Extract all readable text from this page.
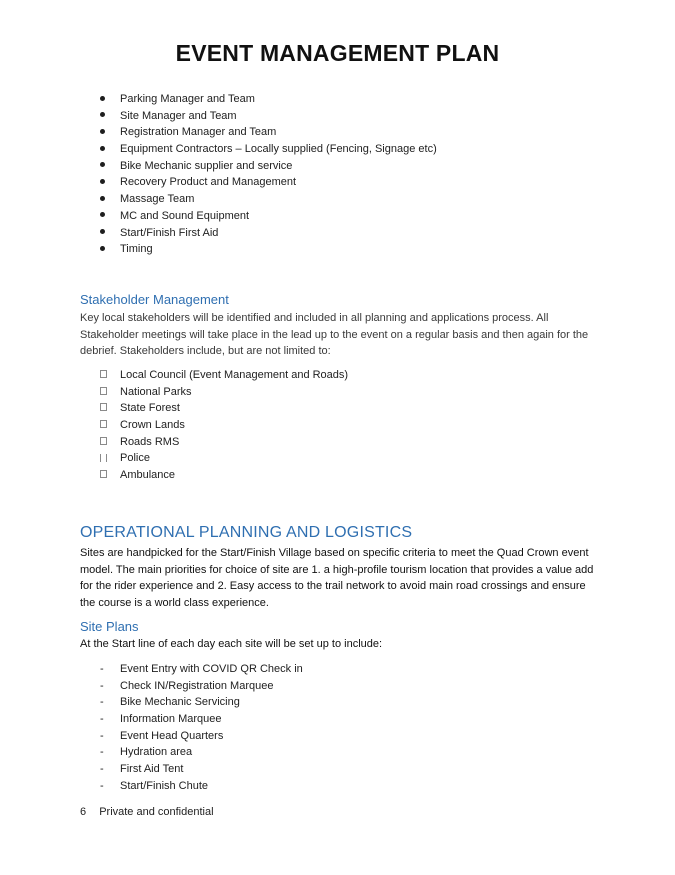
EVENT MANAGEMENT PLAN
Parking Manager and Team
Site Manager and Team
Registration Manager and Team
Equipment Contractors – Locally supplied (Fencing, Signage etc)
Bike Mechanic supplier and service
Recovery Product and Management
Massage Team
MC and Sound Equipment
Start/Finish First Aid
Timing
Stakeholder Management
Key local stakeholders will be identified and included in all planning and applications process. All Stakeholder meetings will take place in the lead up to the event on a regular basis and then again for the debrief. Stakeholders include, but are not limited to:
Local Council (Event Management and Roads)
National Parks
State Forest
Crown Lands
Roads RMS
Police
Ambulance
OPERATIONAL PLANNING AND LOGISTICS
Sites are handpicked for the Start/Finish Village based on specific criteria to meet the Quad Crown event model. The main priorities for choice of site are 1. a high-profile tourism location that provides a value add for the rider experience and 2. Easy access to the trail network to avoid main road crossings and ensure the course is a world class experience.
Site Plans
At the Start line of each day each site will be set up to include:
-	Event Entry with COVID QR Check in
-	Check IN/Registration Marquee
-	Bike Mechanic Servicing
-	Information Marquee
-	Event Head Quarters
-	Hydration area
-	First Aid Tent
-	Start/Finish Chute
6 Private and confidential
